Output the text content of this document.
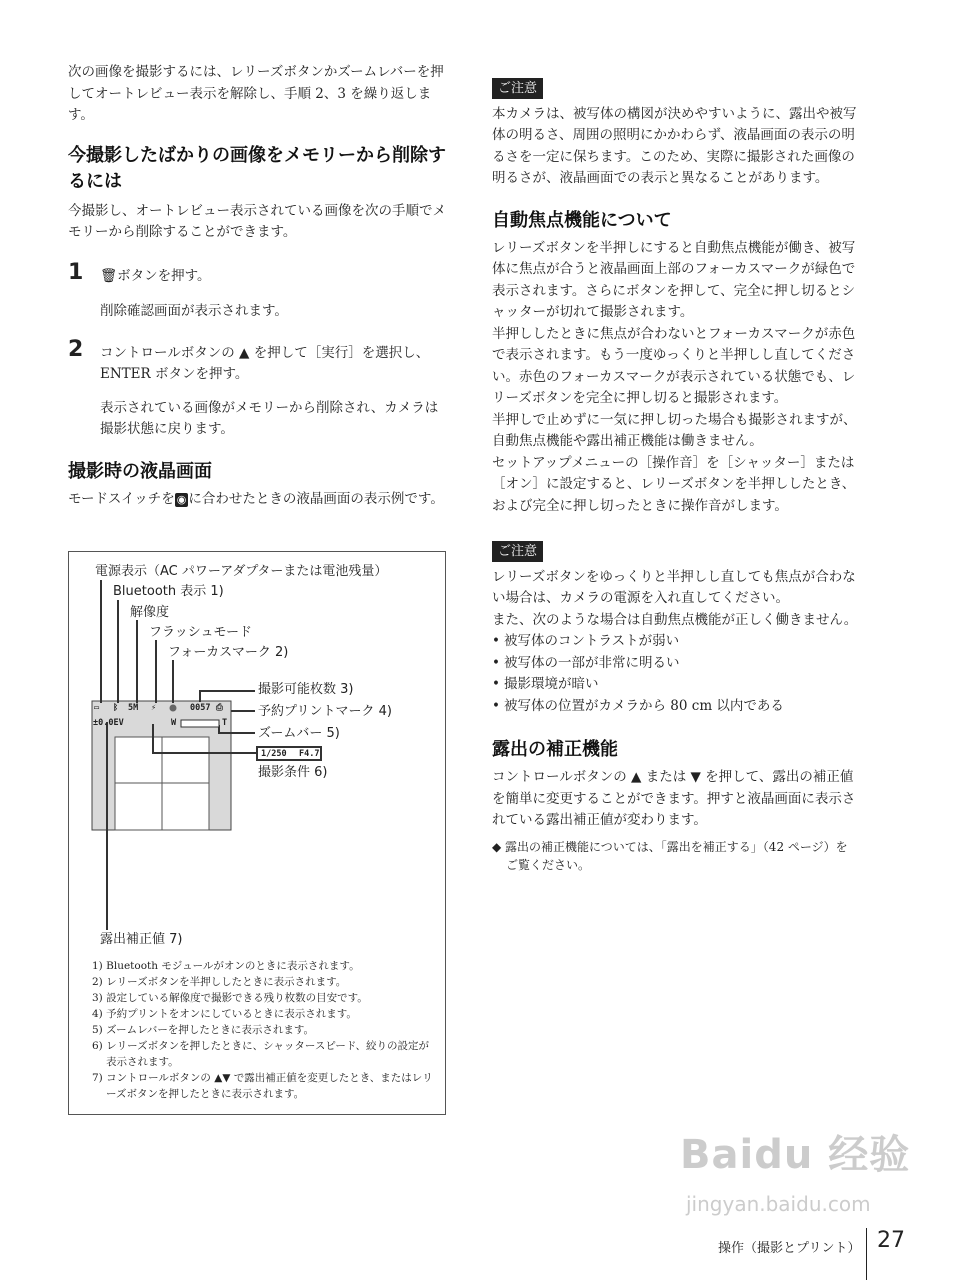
次の画像を撮影するには、レリーズボタンかズームレバーを押してオートレビュー表示を解除し、手順 2、3 を繰り返します。

今撮影したばかりの画像をメモリーから削除するには

今撮影し、オートレビュー表示されている画像を次の手順でメモリーから削除することができます。

1 🗑ボタンを押す。

削除確認画面が表示されます。

2 コントロールボタンの ▲ を押して［実行］を選択し、ENTER ボタンを押す。

表示されている画像がメモリーから削除され、カメラは撮影状態に戻ります。

撮影時の液晶画面

モードスイッチを ◉ に合わせたときの液晶画面の表示例です。

▭ ᛒ 5M ⚡	0057 ⎙
±0.0EV	W	T
1/250 F4.7
電源表示（AC パワーアダプターまたは電池残量）
Bluetooth 表示 1)
解像度
フラッシュモード
フォーカスマーク 2)
撮影可能枚数 3)
予約プリントマーク 4)
ズームバー 5)
撮影条件 6)
露出補正値 7)

1) Bluetooth モジュールがオンのときに表示されます。

2) レリーズボタンを半押ししたときに表示されます。

3) 設定している解像度で撮影できる残り枚数の目安です。

4) 予約プリントをオンにしているときに表示されます。

5) ズームレバーを押したときに表示されます。

6) レリーズボタンを押したときに、シャッタースピード、絞りの設定が表示されます。

7) コントロールボタンの ▲▼ で露出補正値を変更したとき、またはレリーズボタンを押したときに表示されます。

ご注意

本カメラは、被写体の構図が決めやすいように、露出や被写体の明るさ、周囲の照明にかかわらず、液晶画面の表示の明るさを一定に保ちます。このため、実際に撮影された画像の明るさが、液晶画面での表示と異なることがあります。

自動焦点機能について

レリーズボタンを半押しにすると自動焦点機能が働き、被写体に焦点が合うと液晶画面上部のフォーカスマークが緑色で表示されます。さらにボタンを押して、完全に押し切るとシャッターが切れて撮影されます。

半押ししたときに焦点が合わないとフォーカスマークが赤色で表示されます。もう一度ゆっくりと半押しし直してください。赤色のフォーカスマークが表示されている状態でも、レリーズボタンを完全に押し切ると撮影されます。

半押しで止めずに一気に押し切った場合も撮影されますが、自動焦点機能や露出補正機能は働きません。

セットアップメニューの［操作音］を［シャッター］または［オン］に設定すると、レリーズボタンを半押ししたとき、および完全に押し切ったときに操作音がします。

ご注意

レリーズボタンをゆっくりと半押しし直しても焦点が合わない場合は、カメラの電源を入れ直してください。

また、次のような場合は自動焦点機能が正しく働きません。

• 被写体のコントラストが弱い
• 被写体の一部が非常に明るい
• 撮影環境が暗い
• 被写体の位置がカメラから 80 cm 以内である
露出の補正機能

コントロールボタンの ▲ または ▼ を押して、露出の補正値を簡単に変更することができます。押すと液晶画面に表示されている露出補正値が変わります。

◆ 露出の補正機能については、「露出を補正する」（42 ページ）をご覧ください。

Baidu 经验
jingyan.baidu.com
操作（撮影とプリント） 27
